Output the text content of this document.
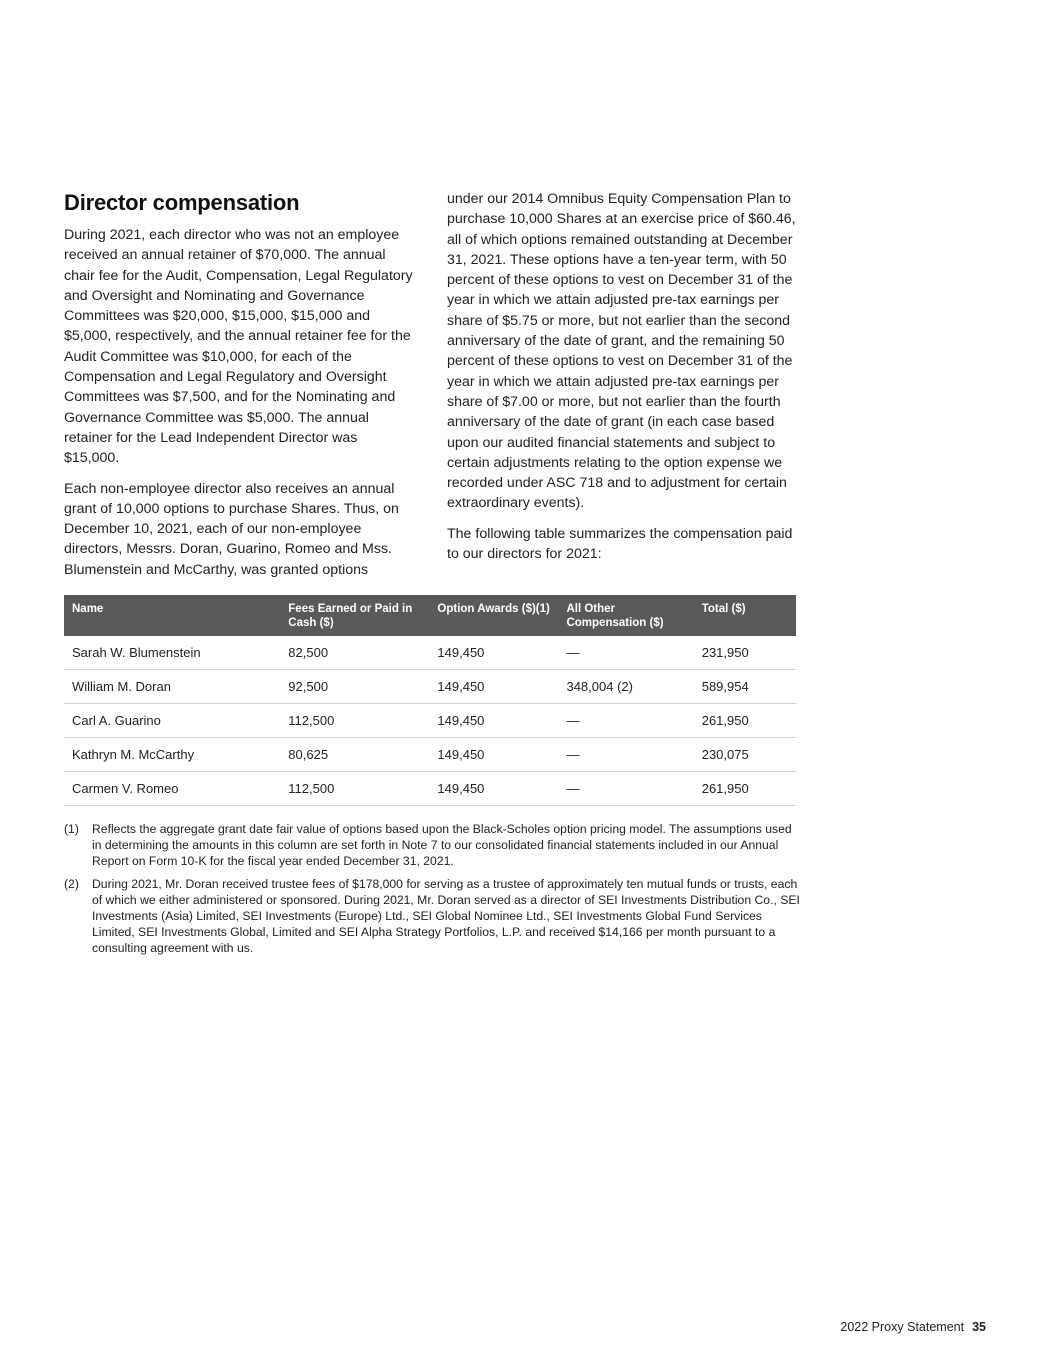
Director compensation

During 2021, each director who was not an employee received an annual retainer of $70,000. The annual chair fee for the Audit, Compensation, Legal Regulatory and Oversight and Nominating and Governance Committees was $20,000, $15,000, $15,000 and $5,000, respectively, and the annual retainer fee for the Audit Committee was $10,000, for each of the Compensation and Legal Regulatory and Oversight Committees was $7,500, and for the Nominating and Governance Committee was $5,000. The annual retainer for the Lead Independent Director was $15,000.

Each non-employee director also receives an annual grant of 10,000 options to purchase Shares. Thus, on December 10, 2021, each of our non-employee directors, Messrs. Doran, Guarino, Romeo and Mss. Blumenstein and McCarthy, was granted options

under our 2014 Omnibus Equity Compensation Plan to purchase 10,000 Shares at an exercise price of $60.46, all of which options remained outstanding at December 31, 2021. These options have a ten-year term, with 50 percent of these options to vest on December 31 of the year in which we attain adjusted pre-tax earnings per share of $5.75 or more, but not earlier than the second anniversary of the date of grant, and the remaining 50 percent of these options to vest on December 31 of the year in which we attain adjusted pre-tax earnings per share of $7.00 or more, but not earlier than the fourth anniversary of the date of grant (in each case based upon our audited financial statements and subject to certain adjustments relating to the option expense we recorded under ASC 718 and to adjustment for certain extraordinary events).

The following table summarizes the compensation paid to our directors for 2021:

Name	Fees Earned or Paid in Cash ($)	Option Awards ($)(1)	All Other Compensation ($)	Total ($)
Sarah W. Blumenstein	82,500	149,450	—	231,950
William M. Doran	92,500	149,450	348,004 (2)	589,954
Carl A. Guarino	112,500	149,450	—	261,950
Kathryn M. McCarthy	80,625	149,450	—	230,075
Carmen V. Romeo	112,500	149,450	—	261,950
(1)	Reflects the aggregate grant date fair value of options based upon the Black-Scholes option pricing model. The assumptions used in determining the amounts in this column are set forth in Note 7 to our consolidated financial statements included in our Annual Report on Form 10-K for the fiscal year ended December 31, 2021.
(2)	During 2021, Mr. Doran received trustee fees of $178,000 for serving as a trustee of approximately ten mutual funds or trusts, each of which we either administered or sponsored. During 2021, Mr. Doran served as a director of SEI Investments Distribution Co., SEI Investments (Asia) Limited, SEI Investments (Europe) Ltd., SEI Global Nominee Ltd., SEI Investments Global Fund Services Limited, SEI Investments Global, Limited and SEI Alpha Strategy Portfolios, L.P. and received $14,166 per month pursuant to a consulting agreement with us.
2022 Proxy Statement 35
